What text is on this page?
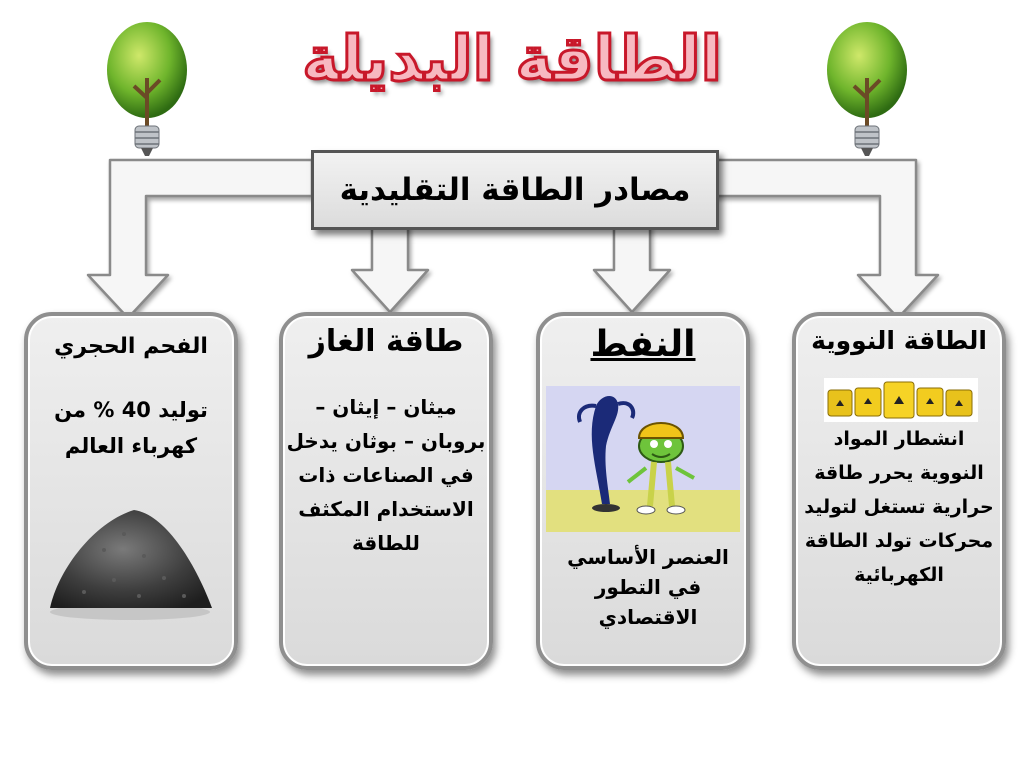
الطاقة البديلة
مصادر الطاقة التقليدية
الطاقة النووية
انشطار المواد النووية يحرر طاقة حرارية تستغل لتوليد محركات تولد الطاقة الكهربائية
النفط
العنصر الأساسي في التطور الاقتصادي
طاقة الغاز
ميثان – إيثان – بروبان – بوثان يدخل في الصناعات ذات الاستخدام المكثف للطاقة
الفحم الحجري
توليد 40 % من كهرباء العالم
